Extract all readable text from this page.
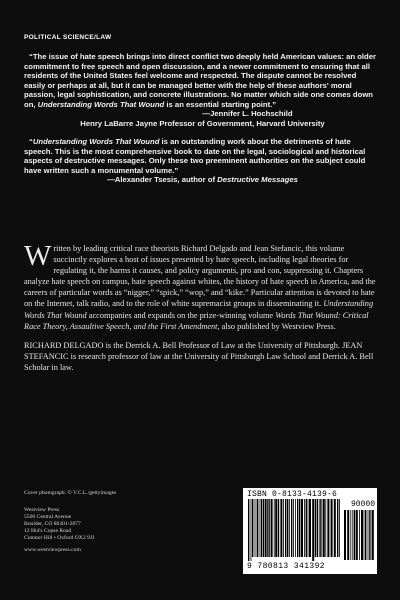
POLITICAL SCIENCE/LAW

“The issue of hate speech brings into direct conflict two deeply held American values: an older commitment to free speech and open discussion, and a newer commitment to ensuring that all residents of the United States feel welcome and respected. The dispute cannot be resolved easily or perhaps at all, but it can be managed better with the help of these authors' moral passion, legal sophistication, and concrete illustrations. No matter which side one comes down on, Understanding Words That Wound is an essential starting point.”

—Jennifer L. Hochschild

Henry LaBarre Jayne Professor of Government, Harvard University

“Understanding Words That Wound is an outstanding work about the detriments of hate speech. This is the most comprehensive book to date on the legal, sociological and historical aspects of destructive messages. Only these two preeminent authorities on the subject could have written such a monumental volume.”

—Alexander Tsesis, author of Destructive Messages

Written by leading critical race theorists Richard Delgado and Jean Stefancic, this volume succinctly explores a host of issues presented by hate speech, including legal theories for regulating it, the harms it causes, and policy arguments, pro and con, suppressing it. Chapters analyze hate speech on campus, hate speech against whites, the history of hate speech in America, and the careers of particular words as “nigger,” “spick,” “wop,” and “kike.” Particular attention is devoted to hate on the Internet, talk radio, and to the role of white supremacist groups in disseminating it. Understanding Words That Wound accompanies and expands on the prize-winning volume Words That Wound: Critical Race Theory, Assaultive Speech, and the First Amendment, also published by Westview Press.

RICHARD DELGADO is the Derrick A. Bell Professor of Law at the University of Pittsburgh. JEAN STEFANCIC is research professor of law at the University of Pittsburgh Law School and Derrick A. Bell Scholar in law.

Cover photograph: © V.C.L./gettyimages
Westview Press
5500 Central Avenue
Boulder, CO 80301-2877
12 Hid's Copse Road
Cumnor Hill • Oxford OX2 9JJ
www.westviewpress.com
ISBN 0-8133-4139-6
90000
9 780813 341392
